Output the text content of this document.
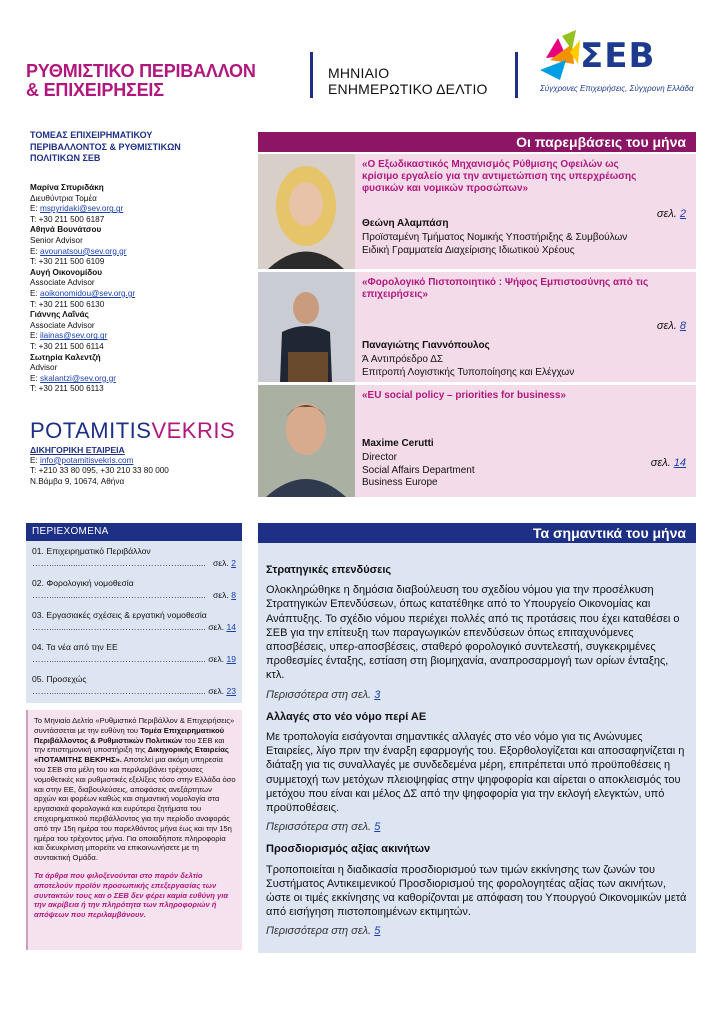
ΡΥΘΜΙΣΤΙΚΟ ΠΕΡΙΒΑΛΛΟΝ
& ΕΠΙΧΕΙΡΗΣΕΙΣ
ΜΗΝΙΑΙΟ
ΕΝΗΜΕΡΩΤΙΚΟ ΔΕΛΤΙΟ
ΣΕΒ
Σύγχρονες Επιχειρήσεις, Σύγχρονη Ελλάδα
ΤΟΜΕΑΣ ΕΠΙΧΕΙΡΗΜΑΤΙΚΟΥ
ΠΕΡΙΒΑΛΛΟΝΤΟΣ & ΡΥΘΜΙΣΤΙΚΩΝ
ΠΟΛΙΤΙΚΩΝ ΣΕΒ
Μαρίνα Σπυριδάκη
Διευθύντρια Τομέα
E: mspyridaki@sev.org.gr
T: +30 211 500 6187
Αθηνά Βουνάτσου
Senior Advisor
E: avounatsou@sev.org.gr
T: +30 211 500 6109
Αυγή Οικονομίδου
Associate Advisor
E: aoikonomidou@sev.org.gr
T: +30 211 500 6130
Γιάννης Λαΐνάς
Associate Advisor
E: ilainas@sev.org.gr
T: +30 211 500 6114
Σωτηρία Καλεντζή
Advisor
E: skalantzi@sev.org.gr
T: +30 211 500 6113
POTAMITISVEKRIS
ΔΙΚΗΓΟΡΙΚΗ ΕΤΑΙΡΕΙΑ
E: info@potamitisvekris.com
T: +210 33 80 095, +30 210 33 80 000
Ν.Βάμβα 9, 10674, Αθήνα
Οι παρεμβάσεις του μήνα
«Ο Εξωδικαστικός Μηχανισμός Ρύθμισης Οφειλών ως κρίσιμο εργαλείο για την αντιμετώπιση της υπερχρέωσης φυσικών και νομικών προσώπων»
Θεώνη Αλαμπάση
Προϊσταμένη Τμήματος Νομικής Υποστήριξης & Συμβούλων Ειδική Γραμματεία Διαχείρισης Ιδιωτικού Χρέους
σελ. 2
«Φορολογικό Πιστοποιητικό : Ψήφος Εμπιστοσύνης από τις επιχειρήσεις»
Παναγιώτης Γιαννόπουλος
Ά Αντιπρόεδρο ΔΣ
Επιτροπή Λογιστικής Τυποποίησης και Ελέγχων
σελ. 8
«EU social policy – priorities for business»
Maxime Cerutti
Director
Social Affairs Department
Business Europe
σελ. 14
ΠΕΡΙΕΧΟΜΕΝΑ
01. Επιχειρηματικό Περιβάλλον
σελ. 2
……...............……………………………...........
02. Φορολογική νομοθεσία
σελ. 8
……...............……………………………...........
03. Εργασιακές σχέσεις & εργατική νομοθεσία
σελ. 14
……...............……………………………...........
04. Τα νέα από την ΕΕ
σελ. 19
……...............……………………………...........
05. Προσεχώς
σελ. 23
……...............……………………………...........
Το Μηνιαίο Δελτίο «Ρυθμιστικό Περιβάλλον & Επιχειρήσεις» συντάσσεται με την ευθύνη του Τομέα Επιχειρηματικού Περιβάλλοντος & Ρυθμιστικών Πολιτικών του ΣΕΒ και την επιστημονική υποστήριξη της Δικηγορικής Εταιρείας «ΠΟΤΑΜΙΤΗΣ ΒΕΚΡΗΣ». Αποτελεί μια ακόμη υπηρεσία του ΣΕΒ στα μέλη του και περιλαμβάνει τρέχουσες νομοθετικές και ρυθμιστικές εξελίξεις τόσο στην Ελλάδα όσο και στην ΕΕ, διαβουλεύσεις, αποφάσεις ανεξάρτητων αρχών και φορέων καθώς και σημαντική νομολογία στα εργασιακά φορολογικά και ευρύτερα ζητήματα του επιχειρηματικού περιβάλλοντος για την περίοδο αναφοράς από την 15η ημέρα του παρελθόντος μήνα έως και την 15η ημέρα του τρέχοντος μήνα. Για οποιαδήποτε πληροφορία και διευκρίνιση μπορείτε να επικοινωνήσετε με τη συντακτική Ομάδα.
Τα άρθρα που φιλοξενούνται στο παρόν δελτίο αποτελούν προϊόν προσωπικής επεξεργασίας των συντακτών τους και ο ΣΕΒ δεν φέρει καμία ευθύνη για την ακρίβεια ή την πληρότητα των πληροφοριών ή απόψεων που περιλαμβάνουν.
Τα σημαντικά του μήνα
Στρατηγικές επενδύσεις

Ολοκληρώθηκε η δημόσια διαβούλευση του σχεδίου νόμου για την προσέλκυση Στρατηγικών Επενδύσεων, όπως κατατέθηκε από το Υπουργείο Οικονομίας και Ανάπτυξης. Το σχέδιο νόμου περιέχει πολλές από τις προτάσεις που έχει καταθέσει ο ΣΕΒ για την επίτευξη των παραγωγικών επενδύσεων όπως επιταχυνόμενες αποσβέσεις, υπερ-αποσβέσεις, σταθερό φορολογικό συντελεστή, συγκεκριμένες προθεσμίες ένταξης, εστίαση στη βιομηχανία, αναπροσαρμογή των ορίων ένταξης, κτλ.

Περισσότερα στη σελ. 3

Αλλαγές στο νέο νόμο περί ΑΕ

Με τροπολογία εισάγονται σημαντικές αλλαγές στο νέο νόμο για τις Ανώνυμες Εταιρείες, λίγο πριν την έναρξη εφαρμογής του. Εξορθολογίζεται και αποσαφηνίζεται η διάταξη για τις συναλλαγές με συνδεδεμένα μέρη, επιτρέπεται υπό προϋποθέσεις η συμμετοχή των μετόχων πλειοψηφίας στην ψηφοφορία και αίρεται ο αποκλεισμός του μετόχου που είναι και μέλος ΔΣ από την ψηφοφορία για την εκλογή ελεγκτών, υπό προϋποθέσεις.

Περισσότερα στη σελ. 5

Προσδιορισμός αξίας ακινήτων

Τροποποιείται η διαδικασία προσδιορισμού των τιμών εκκίνησης των ζωνών του Συστήματος Αντικειμενικού Προσδιορισμού της φορολογητέας αξίας των ακινήτων, ώστε οι τιμές εκκίνησης να καθορίζονται με απόφαση του Υπουργού Οικονομικών μετά από εισήγηση πιστοποιημένων εκτιμητών.

Περισσότερα στη σελ. 5
